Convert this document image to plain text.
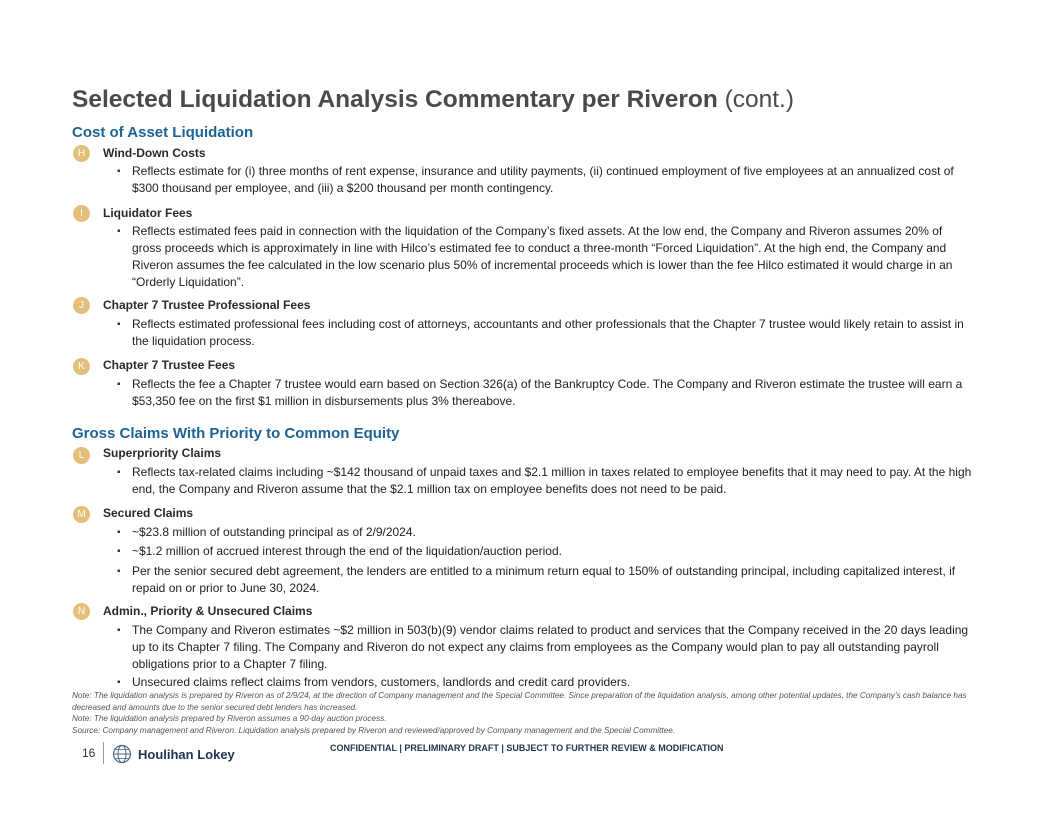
Selected Liquidation Analysis Commentary per Riveron (cont.)
Cost of Asset Liquidation
H	Wind-Down Costs
▪ Reflects estimate for (i) three months of rent expense, insurance and utility payments, (ii) continued employment of five employees at an annualized cost of $300 thousand per employee, and (iii) a $200 thousand per month contingency.
I	Liquidator Fees
▪ Reflects estimated fees paid in connection with the liquidation of the Company’s fixed assets. At the low end, the Company and Riveron assumes 20% of gross proceeds which is approximately in line with Hilco’s estimated fee to conduct a three-month “Forced Liquidation”. At the high end, the Company and Riveron assumes the fee calculated in the low scenario plus 50% of incremental proceeds which is lower than the fee Hilco estimated it would charge in an “Orderly Liquidation”.
J	Chapter 7 Trustee Professional Fees
▪ Reflects estimated professional fees including cost of attorneys, accountants and other professionals that the Chapter 7 trustee would likely retain to assist in the liquidation process.
K	Chapter 7 Trustee Fees
▪ Reflects the fee a Chapter 7 trustee would earn based on Section 326(a) of the Bankruptcy Code. The Company and Riveron estimate the trustee will earn a $53,350 fee on the first $1 million in disbursements plus 3% thereabove.
Gross Claims With Priority to Common Equity
L	Superpriority Claims
▪ Reflects tax-related claims including ~$142 thousand of unpaid taxes and $2.1 million in taxes related to employee benefits that it may need to pay. At the high end, the Company and Riveron assume that the $2.1 million tax on employee benefits does not need to be paid.
M	Secured Claims
▪ ~$23.8 million of outstanding principal as of 2/9/2024.
▪ ~$1.2 million of accrued interest through the end of the liquidation/auction period.
▪ Per the senior secured debt agreement, the lenders are entitled to a minimum return equal to 150% of outstanding principal, including capitalized interest, if repaid on or prior to June 30, 2024.
N	Admin., Priority & Unsecured Claims
▪ The Company and Riveron estimates ~$2 million in 503(b)(9) vendor claims related to product and services that the Company received in the 20 days leading up to its Chapter 7 filing. The Company and Riveron do not expect any claims from employees as the Company would plan to pay all outstanding payroll obligations prior to a Chapter 7 filing.
▪ Unsecured claims reflect claims from vendors, customers, landlords and credit card providers.
Note: The liquidation analysis is prepared by Riveron as of 2/9/24, at the direction of Company management and the Special Committee. Since preparation of the liquidation analysis, among other potential updates, the Company’s cash balance has decreased and amounts due to the senior secured debt lenders has increased.
Note: The liquidation analysis prepared by Riveron assumes a 90-day auction process.
Source: Company management and Riveron. Liquidation analysis prepared by Riveron and reviewed/approved by Company management and the Special Committee.
16	Houlihan Lokey	CONFIDENTIAL | PRELIMINARY DRAFT | SUBJECT TO FURTHER REVIEW & MODIFICATION
